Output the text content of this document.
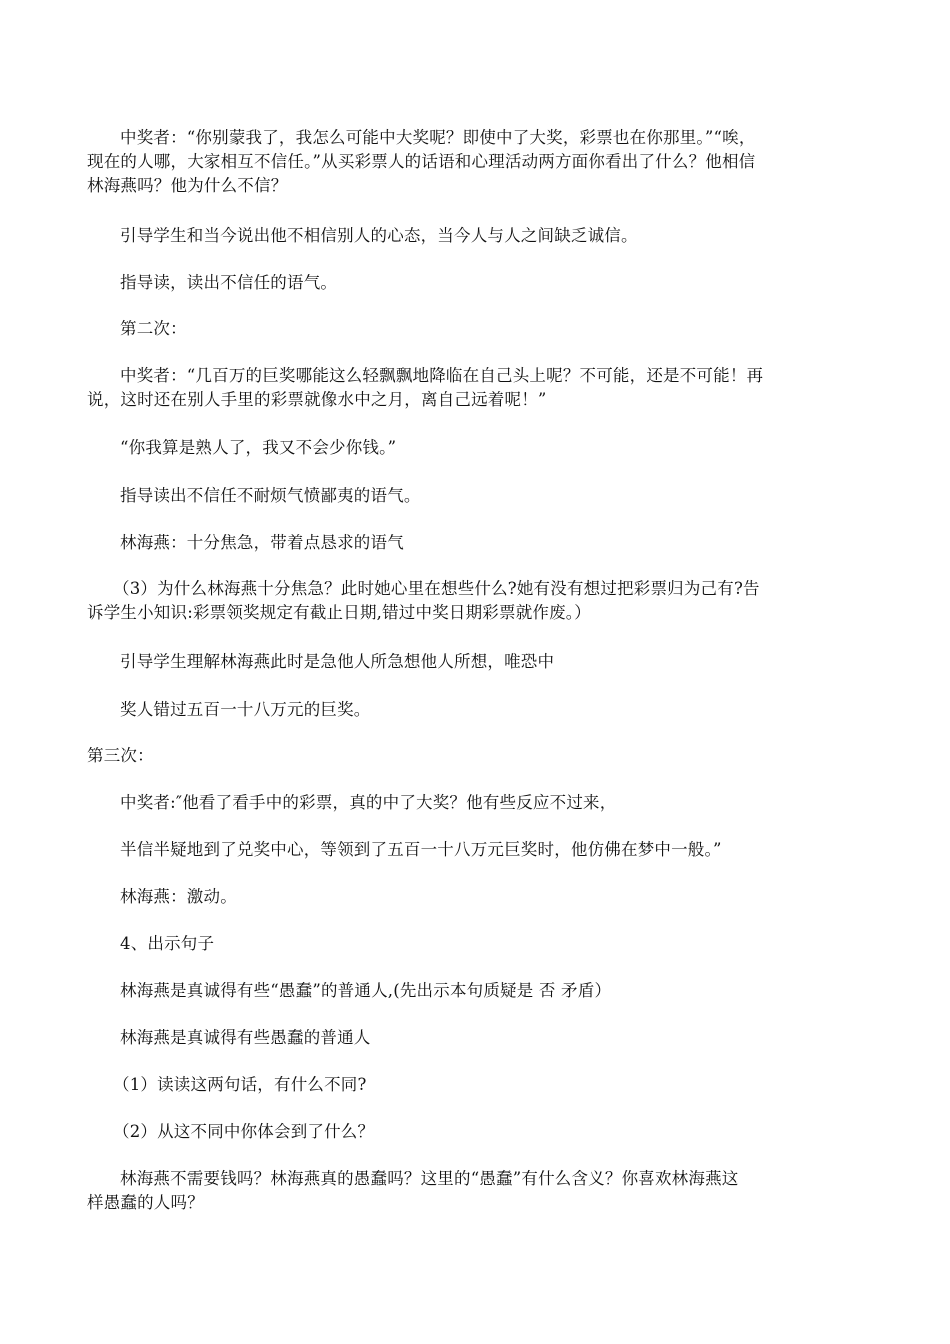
中奖者：“你别蒙我了，我怎么可能中大奖呢？即使中了大奖，彩票也在你那里。”“唉，
现在的人哪，大家相互不信任。”从买彩票人的话语和心理活动两方面你看出了什么？他相信
林海燕吗？他为什么不信？

引导学生和当今说出他不相信别人的心态，当今人与人之间缺乏诚信。

指导读，读出不信任的语气。

第二次：

中奖者：“几百万的巨奖哪能这么轻飘飘地降临在自己头上呢？不可能，还是不可能！再
说，这时还在别人手里的彩票就像水中之月，离自己远着呢！”

“你我算是熟人了，我又不会少你钱。”

指导读出不信任不耐烦气愤鄙夷的语气。

林海燕：十分焦急，带着点恳求的语气

（3）为什么林海燕十分焦急？此时她心里在想些什么?她有没有想过把彩票归为己有?告
诉学生小知识:彩票领奖规定有截止日期,错过中奖日期彩票就作废。）

引导学生理解林海燕此时是急他人所急想他人所想，唯恐中

奖人错过五百一十八万元的巨奖。

第三次：

中奖者:″他看了看手中的彩票，真的中了大奖？他有些反应不过来，

半信半疑地到了兑奖中心，等领到了五百一十八万元巨奖时，他仿佛在梦中一般。”

林海燕：激动。

4、出示句子

林海燕是真诚得有些“愚蠢”的普通人,(先出示本句质疑是 否 矛盾）

林海燕是真诚得有些愚蠢的普通人

（1）读读这两句话，有什么不同?

（2）从这不同中你体会到了什么？

林海燕不需要钱吗？林海燕真的愚蠢吗？这里的“愚蠢”有什么含义？你喜欢林海燕这
样愚蠢的人吗？
